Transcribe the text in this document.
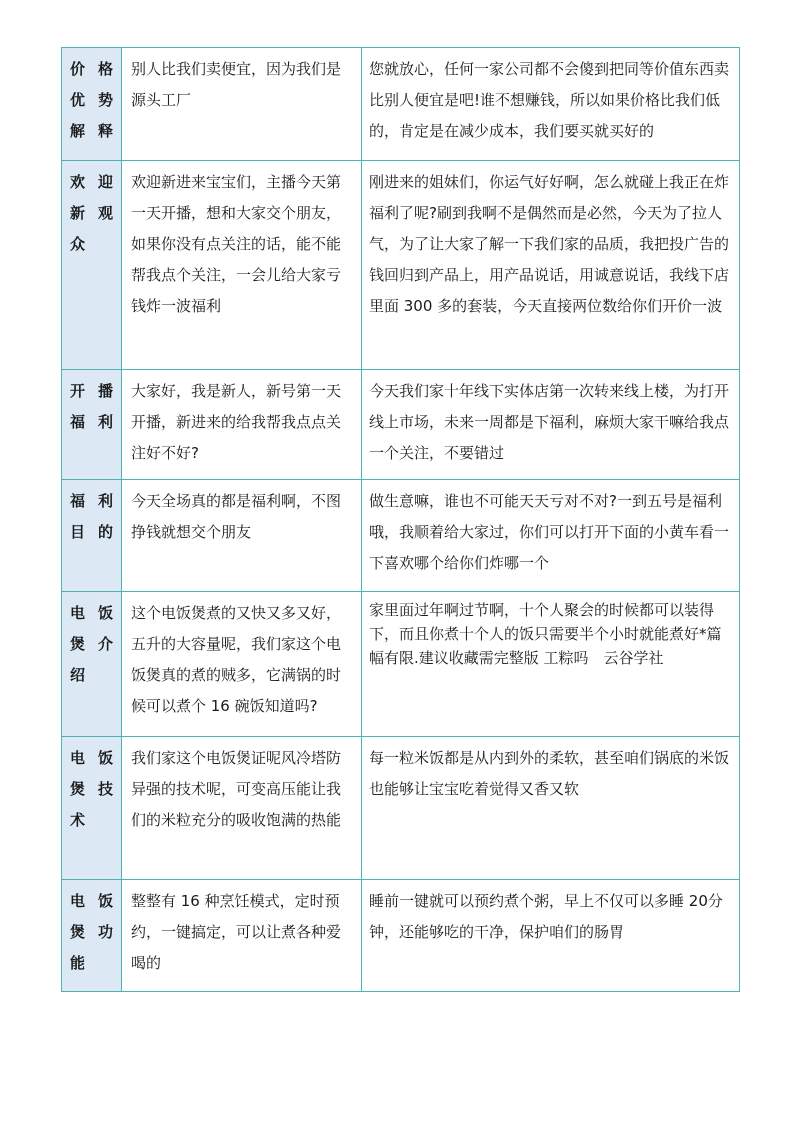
价格优势解释	别人比我们卖便宜，因为我们是源头工厂	您就放心，任何一家公司都不会傻到把同等价值东西卖比别人便宜是吧!谁不想赚钱，所以如果价格比我们低的，肯定是在减少成本，我们要买就买好的
欢迎新观众	欢迎新进来宝宝们，主播今天第一天开播，想和大家交个朋友，如果你没有点关注的话，能不能帮我点个关注，一会儿给大家亏钱炸一波福利	刚进来的姐妹们，你运气好好啊，怎么就碰上我正在炸福利了呢?刷到我啊不是偶然而是必然，今天为了拉人气，为了让大家了解一下我们家的品质，我把投广告的钱回归到产品上，用产品说话，用诚意说话，我线下店里面 300 多的套装，今天直接两位数给你们开价一波
开播福利	大家好，我是新人，新号第一天开播，新进来的给我帮我点点关注好不好?	今天我们家十年线下实体店第一次转来线上楼，为打开线上市场，未来一周都是下福利，麻烦大家干嘛给我点一个关注，不要错过
福利目的	今天全场真的都是福利啊，不图挣钱就想交个朋友	做生意嘛，谁也不可能天天亏对不对?一到五号是福利哦，我顺着给大家过，你们可以打开下面的小黄车看一下喜欢哪个给你们炸哪一个
电饭煲介绍	这个电饭煲煮的又快又多又好，五升的大容量呢，我们家这个电饭煲真的煮的贼多，它满锅的时候可以煮个 16 碗饭知道吗?	家里面过年啊过节啊，十个人聚会的时候都可以装得下，而且你煮十个人的饭只需要半个小时就能煮好*篇幅有限.建议收藏需完整版 工粽吗　云谷学社
电饭煲技术	我们家这个电饭煲证呢风冷塔防异强的技术呢，可变高压能让我们的米粒充分的吸收饱满的热能	每一粒米饭都是从内到外的柔软，甚至咱们锅底的米饭也能够让宝宝吃着觉得又香又软
电饭煲功能	整整有 16 种烹饪模式，定时预约，一键搞定，可以让煮各种爱喝的	睡前一键就可以预约煮个粥，早上不仅可以多睡 20分钟，还能够吃的干净，保护咱们的肠胃
